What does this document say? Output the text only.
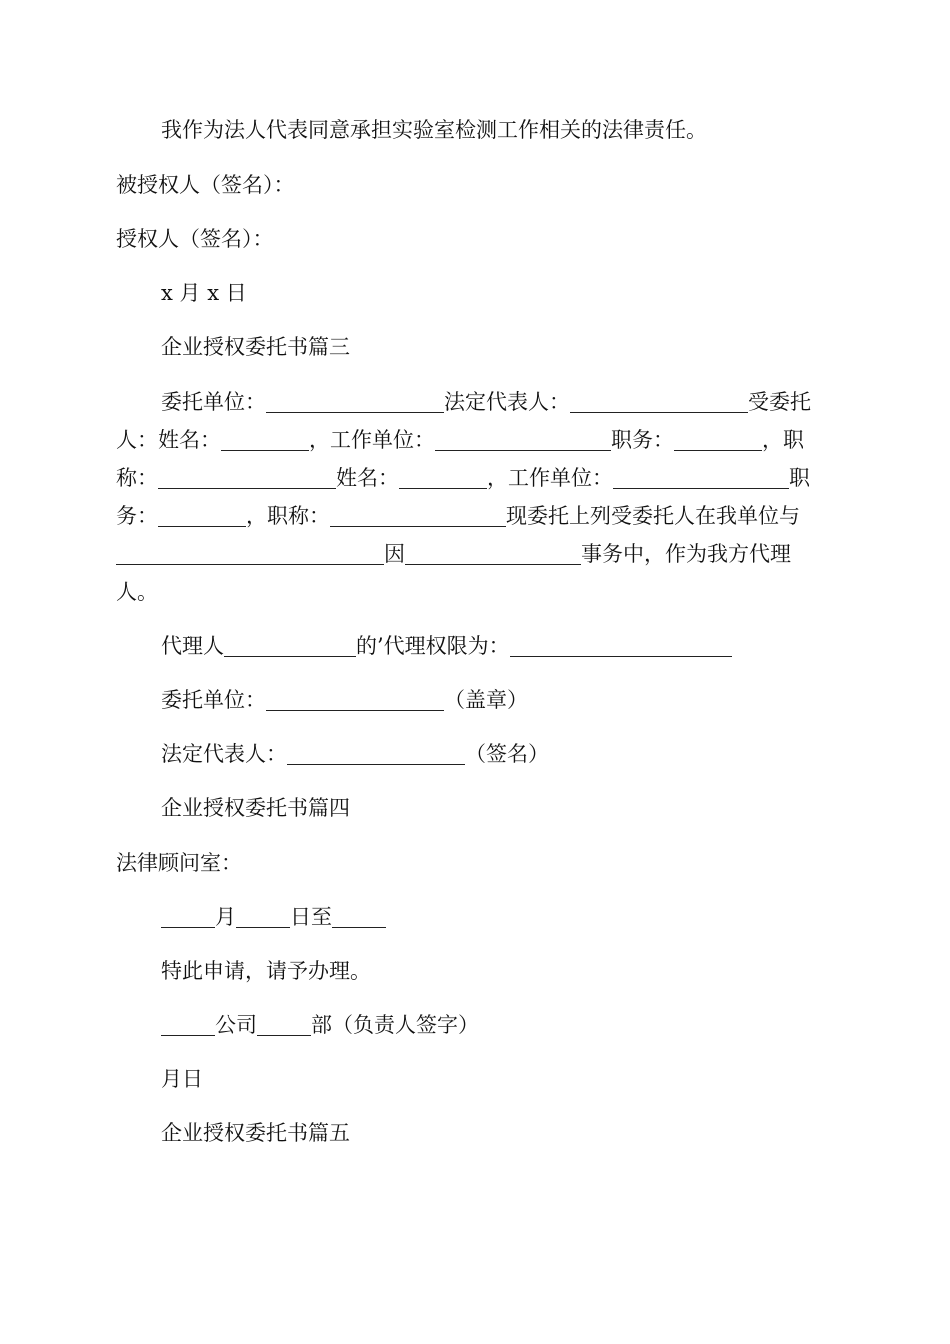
我作为法人代表同意承担实验室检测工作相关的法律责任。
被授权人（签名）：
授权人（签名）：
x 月 x 日
企业授权委托书篇三
委托单位：	法定代表人：	受委托
人：姓名：	，工作单位：	职务：	，职
称：	姓名：	，工作单位：	职
务：	，职称：	现委托上列受委托人在我单位与
因	事务中，作为我方代理
人。
代理人	的’代理权限为：
委托单位：	（盖章）
法定代表人：	（签名）
企业授权委托书篇四
法律顾问室：
月	日至
特此申请，请予办理。
公司	部（负责人签字）
月日
企业授权委托书篇五
